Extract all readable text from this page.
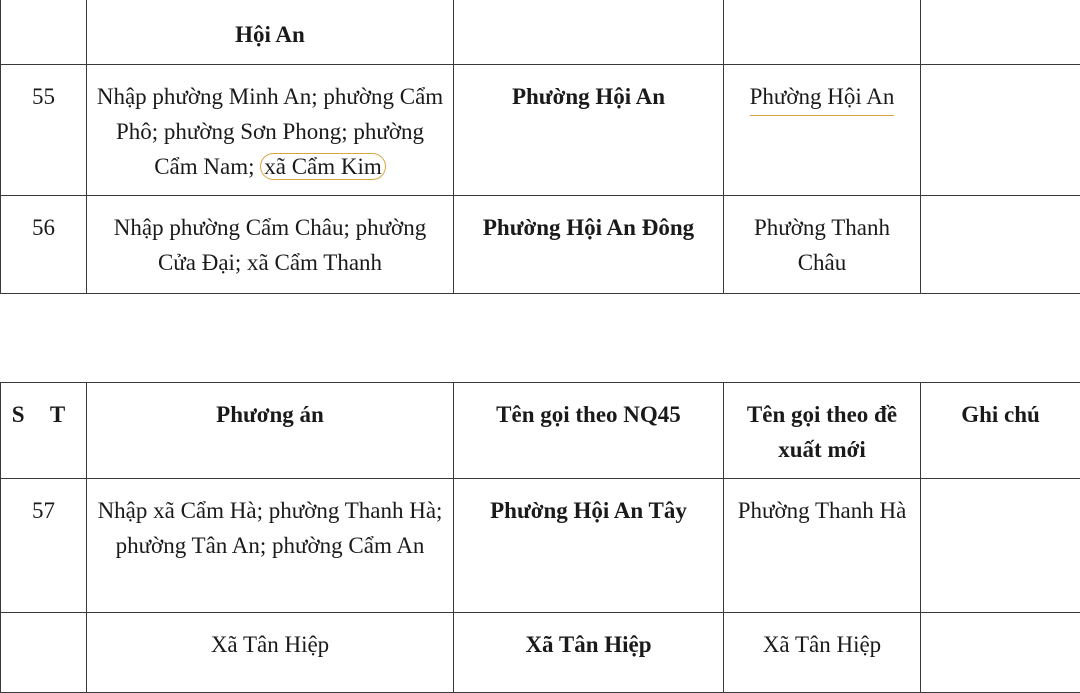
	Hội An			
55	Nhập phường Minh An; phường Cẩm Phô; phường Sơn Phong; phường Cẩm Nam; xã Cẩm Kim	Phường Hội An	Phường Hội An	
56	Nhập phường Cẩm Châu; phường Cửa Đại; xã Cẩm Thanh	Phường Hội An Đông	Phường Thanh Châu	
S T	Phương án	Tên gọi theo NQ45	Tên gọi theo đề xuất mới	Ghi chú
57	Nhập xã Cẩm Hà; phường Thanh Hà; phường Tân An; phường Cẩm An	Phường Hội An Tây	Phường Thanh Hà	
	Xã Tân Hiệp	Xã Tân Hiệp	Xã Tân Hiệp	
